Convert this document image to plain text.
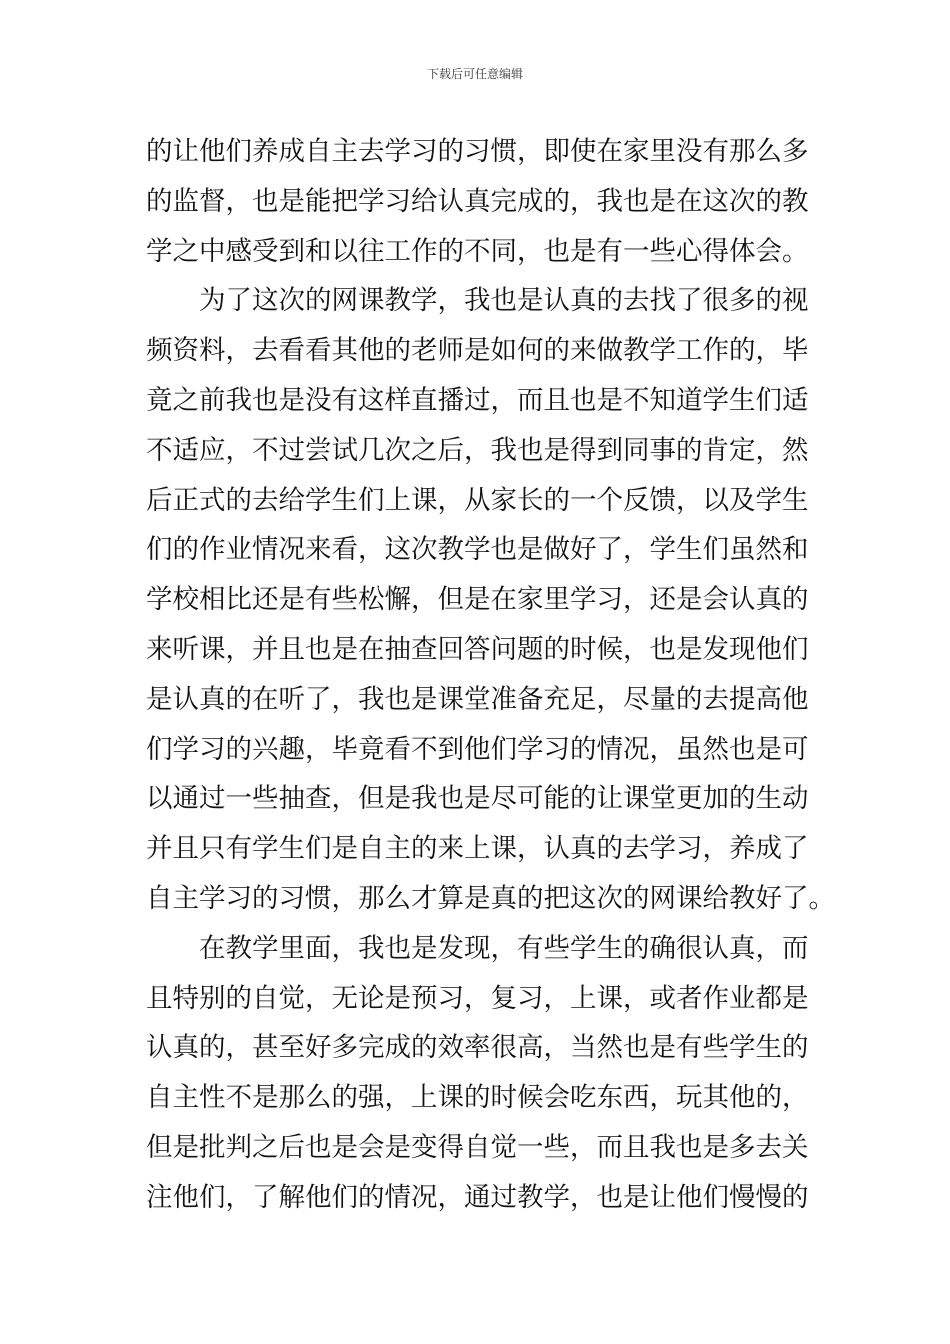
下载后可任意编辑
的让他们养成自主去学习的习惯，即使在家里没有那么多
的监督，也是能把学习给认真完成的，我也是在这次的教
学之中感受到和以往工作的不同，也是有一些心得体会。
为了这次的网课教学，我也是认真的去找了很多的视
频资料，去看看其他的老师是如何的来做教学工作的，毕
竟之前我也是没有这样直播过，而且也是不知道学生们适
不适应，不过尝试几次之后，我也是得到同事的肯定，然
后正式的去给学生们上课，从家长的一个反馈，以及学生
们的作业情况来看，这次教学也是做好了，学生们虽然和
学校相比还是有些松懈，但是在家里学习，还是会认真的
来听课，并且也是在抽查回答问题的时候，也是发现他们
是认真的在听了，我也是课堂准备充足，尽量的去提高他
们学习的兴趣，毕竟看不到他们学习的情况，虽然也是可
以通过一些抽查，但是我也是尽可能的让课堂更加的生动
并且只有学生们是自主的来上课，认真的去学习，养成了
自主学习的习惯，那么才算是真的把这次的网课给教好了。
在教学里面，我也是发现，有些学生的确很认真，而
且特别的自觉，无论是预习，复习，上课，或者作业都是
认真的，甚至好多完成的效率很高，当然也是有些学生的
自主性不是那么的强，上课的时候会吃东西，玩其他的，
但是批判之后也是会是变得自觉一些，而且我也是多去关
注他们，了解他们的情况，通过教学，也是让他们慢慢的
